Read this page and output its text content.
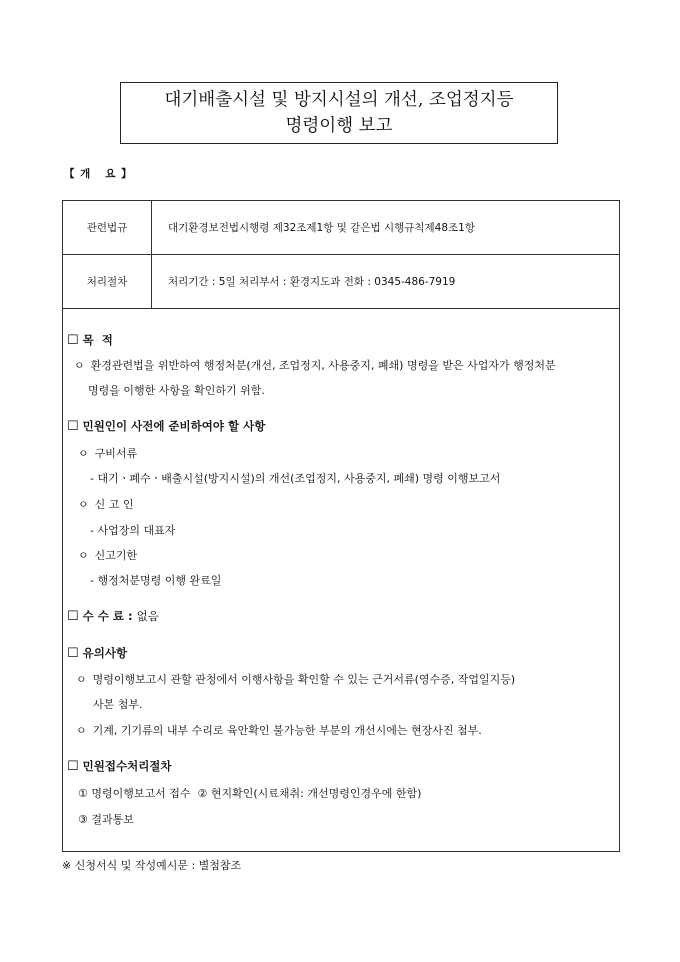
대기배출시설 및 방지시설의 개선, 조업정지등
명령이행 보고
【 개   요 】
관련법규	대기환경보전법시행령 제32조제1항 및 같은법 시행규칙제48조1항
처리절차	처리기간 : 5일 처리부서 : 환경지도과 전화 : 0345-486-7919
☐ 목  적
ㅇ 환경관련법을 위반하여 행정처분(개선, 조업정지, 사용중지, 폐쇄) 명령을 받은 사업자가 행정처분
명령을 이행한 사항을 확인하기 위함.
☐ 민원인이 사전에 준비하여야 할 사항
ㅇ 구비서류
- 대기ㆍ폐수ㆍ배출시설(방지시설)의 개선(조업정지, 사용중지, 폐쇄) 명령 이행보고서
ㅇ 신 고 인
- 사업장의 대표자
ㅇ 신고기한
- 행정처분명령 이행 완료일
☐ 수 수 료 : 없음
☐ 유의사항
ㅇ 명령이행보고시 관할 관청에서 이행사항을 확인할 수 있는 근거서류(영수증, 작업일지등)
사본 첨부.
ㅇ 기계, 기기류의 내부 수리로 육안확인 불가능한 부분의 개선시에는 현장사진 첨부.
☐ 민원접수처리절차
① 명령이행보고서 접수 ② 현지확인(시료채취: 개선명령인경우에 한함)
③ 결과통보
※ 신청서식 및 작성예시문 : 별첨참조
